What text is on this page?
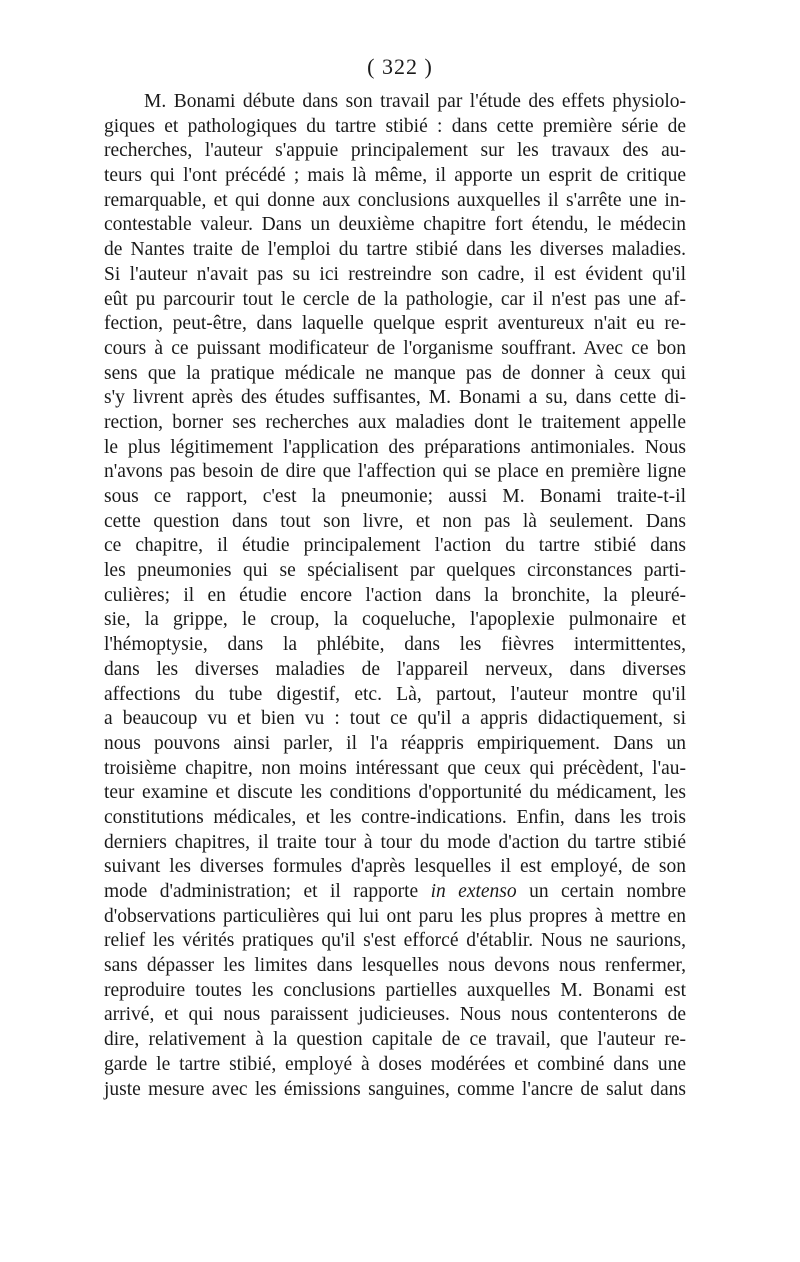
( 322 )
M. Bonami débute dans son travail par l'étude des effets physiolo-
giques et pathologiques du tartre stibié : dans cette première série de
recherches, l'auteur s'appuie principalement sur les travaux des au-
teurs qui l'ont précédé ; mais là même, il apporte un esprit de critique
remarquable, et qui donne aux conclusions auxquelles il s'arrête une in-
contestable valeur. Dans un deuxième chapitre fort étendu, le médecin
de Nantes traite de l'emploi du tartre stibié dans les diverses maladies.
Si l'auteur n'avait pas su ici restreindre son cadre, il est évident qu'il
eût pu parcourir tout le cercle de la pathologie, car il n'est pas une af-
fection, peut-être, dans laquelle quelque esprit aventureux n'ait eu re-
cours à ce puissant modificateur de l'organisme souffrant. Avec ce bon
sens que la pratique médicale ne manque pas de donner à ceux qui
s'y livrent après des études suffisantes, M. Bonami a su, dans cette di-
rection, borner ses recherches aux maladies dont le traitement appelle
le plus légitimement l'application des préparations antimoniales. Nous
n'avons pas besoin de dire que l'affection qui se place en première ligne
sous ce rapport, c'est la pneumonie; aussi M. Bonami traite-t-il
cette question dans tout son livre, et non pas là seulement. Dans
ce chapitre, il étudie principalement l'action du tartre stibié dans
les pneumonies qui se spécialisent par quelques circonstances parti-
culières; il en étudie encore l'action dans la bronchite, la pleuré-
sie, la grippe, le croup, la coqueluche, l'apoplexie pulmonaire et
l'hémoptysie, dans la phlébite, dans les fièvres intermittentes,
dans les diverses maladies de l'appareil nerveux, dans diverses
affections du tube digestif, etc. Là, partout, l'auteur montre qu'il
a beaucoup vu et bien vu : tout ce qu'il a appris didactiquement, si
nous pouvons ainsi parler, il l'a réappris empiriquement. Dans un
troisième chapitre, non moins intéressant que ceux qui précèdent, l'au-
teur examine et discute les conditions d'opportunité du médicament, les
constitutions médicales, et les contre-indications. Enfin, dans les trois
derniers chapitres, il traite tour à tour du mode d'action du tartre stibié
suivant les diverses formules d'après lesquelles il est employé, de son
mode d'administration; et il rapporte in extenso un certain nombre
d'observations particulières qui lui ont paru les plus propres à mettre en
relief les vérités pratiques qu'il s'est efforcé d'établir. Nous ne saurions,
sans dépasser les limites dans lesquelles nous devons nous renfermer,
reproduire toutes les conclusions partielles auxquelles M. Bonami est
arrivé, et qui nous paraissent judicieuses. Nous nous contenterons de
dire, relativement à la question capitale de ce travail, que l'auteur re-
garde le tartre stibié, employé à doses modérées et combiné dans une
juste mesure avec les émissions sanguines, comme l'ancre de salut dans
